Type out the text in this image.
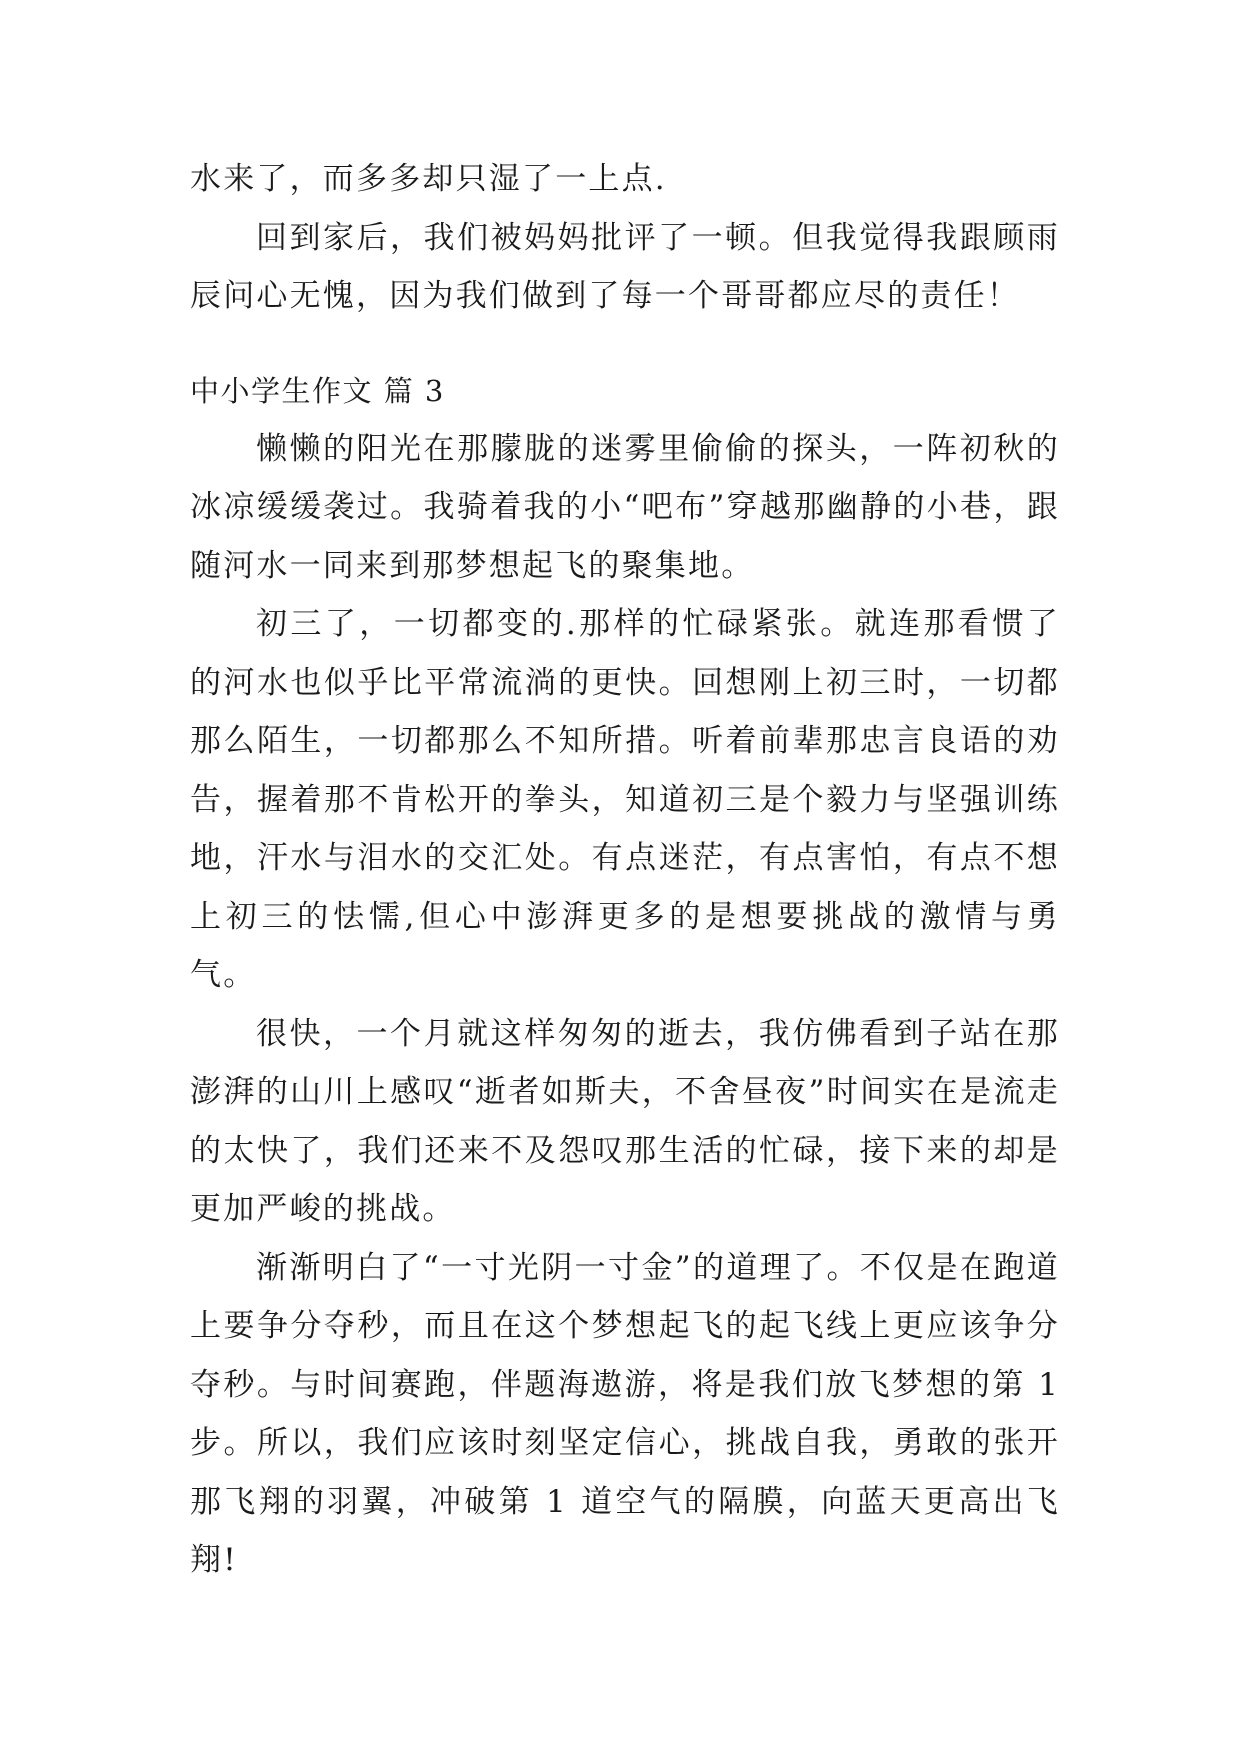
水来了，而多多却只湿了一上点.

回到家后，我们被妈妈批评了一顿。但我觉得我跟顾雨辰问心无愧，因为我们做到了每一个哥哥都应尽的责任！

中小学生作文 篇 3

懒懒的阳光在那朦胧的迷雾里偷偷的探头，一阵初秋的冰凉缓缓袭过。我骑着我的小“吧布”穿越那幽静的小巷，跟随河水一同来到那梦想起飞的聚集地。

初三了，一切都变的.那样的忙碌紧张。就连那看惯了的河水也似乎比平常流淌的更快。回想刚上初三时，一切都那么陌生，一切都那么不知所措。听着前辈那忠言良语的劝告，握着那不肯松开的拳头，知道初三是个毅力与坚强训练地，汗水与泪水的交汇处。有点迷茫，有点害怕，有点不想上初三的怯懦,但心中澎湃更多的是想要挑战的激情与勇气。

很快，一个月就这样匆匆的逝去，我仿佛看到子站在那澎湃的山川上感叹“逝者如斯夫，不舍昼夜”时间实在是流走的太快了，我们还来不及怨叹那生活的忙碌，接下来的却是更加严峻的挑战。

渐渐明白了“一寸光阴一寸金”的道理了。不仅是在跑道上要争分夺秒，而且在这个梦想起飞的起飞线上更应该争分夺秒。与时间赛跑，伴题海遨游，将是我们放飞梦想的第 1 步。所以，我们应该时刻坚定信心，挑战自我，勇敢的张开那飞翔的羽翼，冲破第 1 道空气的隔膜，向蓝天更高出飞翔!
